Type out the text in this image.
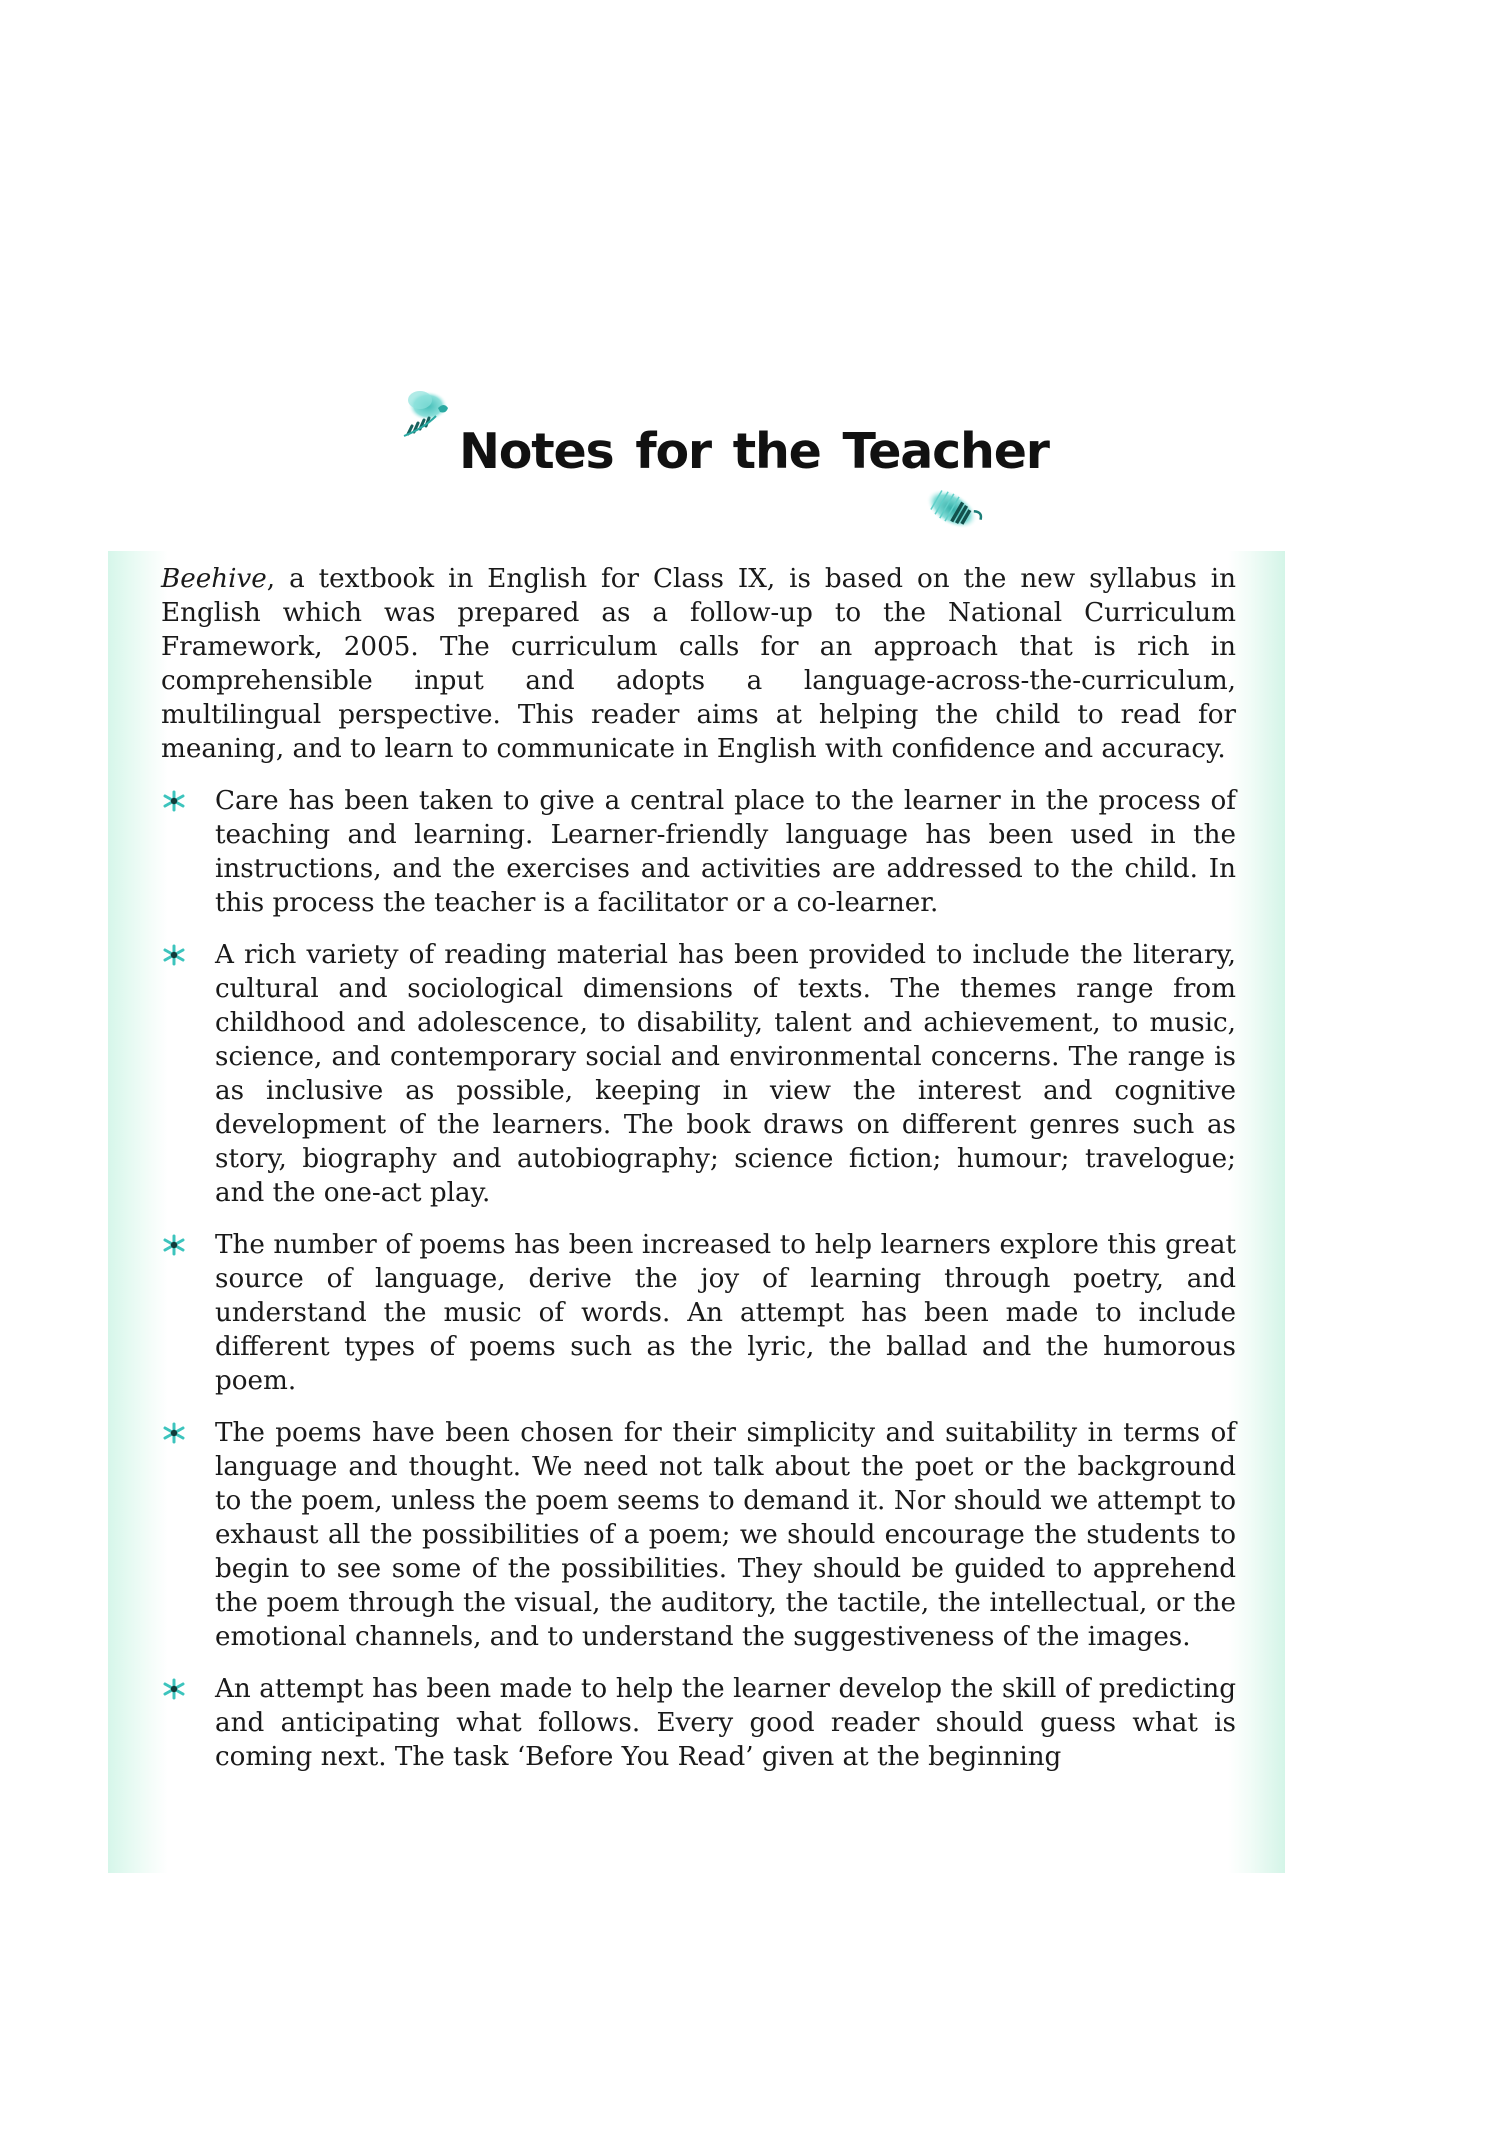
Notes for the Teacher

Beehive, a textbook in English for Class IX, is based on the new syllabus in English which was prepared as a follow-up to the National Curriculum Framework, 2005. The curriculum calls for an approach that is rich in comprehensible input and adopts a language-across-the-curriculum, multilingual perspective. This reader aims at helping the child to read for meaning, and to learn to communicate in English with confidence and accuracy.

Care has been taken to give a central place to the learner in the process of teaching and learning. Learner-friendly language has been used in the instructions, and the exercises and activities are addressed to the child. In this process the teacher is a facilitator or a co-learner.
A rich variety of reading material has been provided to include the literary, cultural and sociological dimensions of texts. The themes range from childhood and adolescence, to disability, talent and achievement, to music, science, and contemporary social and environmental concerns. The range is as inclusive as possible, keeping in view the interest and cognitive development of the learners. The book draws on different genres such as story, biography and autobiography; science fiction; humour; travelogue; and the one-act play.
The number of poems has been increased to help learners explore this great source of language, derive the joy of learning through poetry, and understand the music of words. An attempt has been made to include different types of poems such as the lyric, the ballad and the humorous poem.
The poems have been chosen for their simplicity and suitability in terms of language and thought. We need not talk about the poet or the background to the poem, unless the poem seems to demand it. Nor should we attempt to exhaust all the possibilities of a poem; we should encourage the students to begin to see some of the possibilities. They should be guided to apprehend the poem through the visual, the auditory, the tactile, the intellectual, or the emotional channels, and to understand the suggestiveness of the images.
An attempt has been made to help the learner develop the skill of predicting and anticipating what follows. Every good reader should guess what is coming next. The task ‘Before You Read’ given at the beginning
